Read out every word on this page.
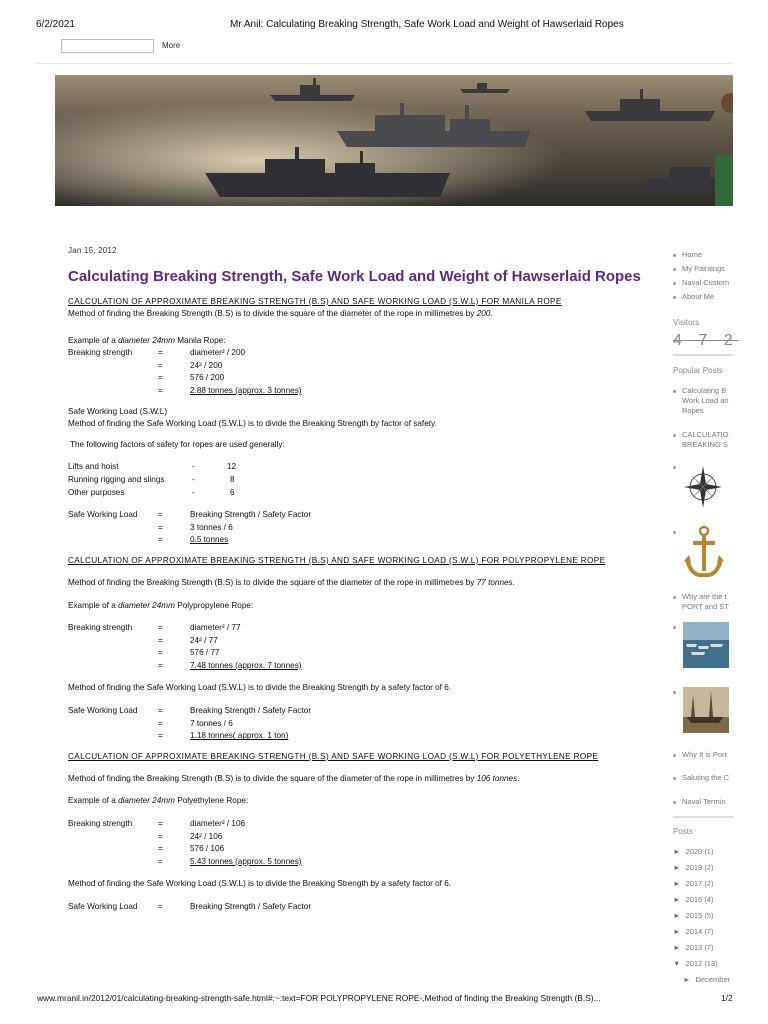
6/2/2021	Mr Anil: Calculating Breaking Strength, Safe Work Load and Weight of Hawserlaid Ropes
More
Jan 15, 2012
Calculating Breaking Strength, Safe Work Load and Weight of Hawserlaid Ropes
CALCULATION OF APPROXIMATE BREAKING STRENGTH (B.S) AND SAFE WORKING LOAD (S.W.L) FOR MANILA ROPE

Method of finding the Breaking Strength (B.S) is to divide the square of the diameter of the rope in millimetres by 200.

Example of a diameter 24mm Manila Rope:

Breaking strength	=	diameter² / 200
=	24² / 200
=	576 / 200
=	2.88 tonnes (approx. 3 tonnes)

Safe Working Load (S.W.L)

Method of finding the Safe Working Load (S.W.L) is to divide the Breaking Strength by factor of safety.

The following factors of safety for ropes are used generally:

Lifts and hoist	-	12
Running rigging and slings	-	8
Other purposes	-	6
Safe Working Load	=	Breaking Strength / Safety Factor
=	3 tonnes / 6
=	0.5 tonnes
CALCULATION OF APPROXIMATE BREAKING STRENGTH (B.S) AND SAFE WORKING LOAD (S.W.L) FOR POLYPROPYLENE ROPE

Method of finding the Breaking Strength (B.S) is to divide the square of the diameter of the rope in millimetres by 77 tonnes.

Example of a diameter 24mm Polypropylene Rope:

Breaking strength	=	diameter² / 77
=	24² / 77
=	576 / 77
=	7.48 tonnes (approx. 7 tonnes)

Method of finding the Safe Working Load (S.W.L) is to divide the Breaking Strength by a safety factor of 6.

Safe Working Load	=	Breaking Strength / Safety Factor
=	7 tonnes / 6
=	1.18 tonnes( approx. 1 ton)
CALCULATION OF APPROXIMATE BREAKING STRENGTH (B.S) AND SAFE WORKING LOAD (S.W.L) FOR POLYETHYLENE ROPE

Method of finding the Breaking Strength (B.S) is to divide the square of the diameter of the rope in millimetres by 106 tonnes.

Example of a diameter 24mm Polyethylene Rope:

Breaking strength	=	diameter² / 106
=	24² / 106
=	576 / 106
=	5.43 tonnes (approx. 5 tonnes)

Method of finding the Safe Working Load (S.W.L) is to divide the Breaking Strength by a safety factor of 6.

Safe Working Load	=	Breaking Strength / Safety Factor
Home
My Paintings
Naval Custom
About Me
Visitors
4 7 2
Popular Posts
Calculating B
Work Load an
Ropes
CALCULATIO
BREAKING S
Why are the t
PORT and ST
Why It is Port
Saluting the C
Naval Termin
Posts
► 2020 (1)
► 2019 (2)
► 2017 (2)
► 2016 (4)
► 2015 (5)
► 2014 (7)
► 2013 (7)
▼ 2012 (13)
► December
www.mranil.in/2012/01/calculating-breaking-strength-safe.html#:~:text=FOR POLYPROPYLENE ROPE-,Method of finding the Breaking Strength (B.S)...	1/2
